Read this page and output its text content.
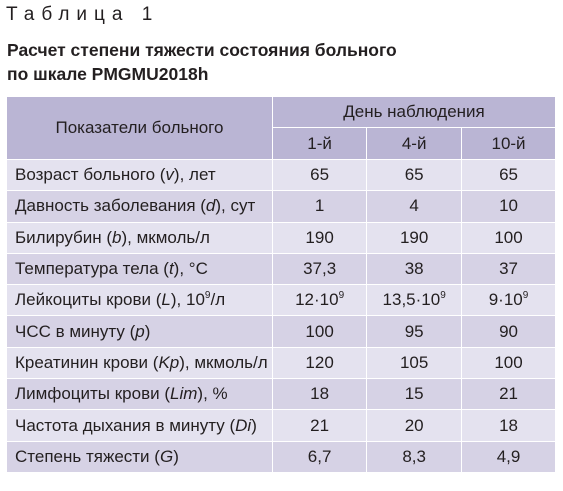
Таблица 1
Расчет степени тяжести состояния больного
по шкале PMGMU2018h
Показатели больного	День наблюдения		
	1-й	4-й	10-й
Возраст больного (v), лет	65	65	65
Давность заболевания (d), сут	1	4	10
Билирубин (b), мкмоль/л	190	190	100
Температура тела (t), °С	37,3	38	37
Лейкоциты крови (L), $10^9/л$	$12\cdot 10^9$	$13,5\cdot 10^9$	$9\cdot 10^9$
ЧСС в минуту (p)	100	95	90
Креатинин крови (Kp), мкмоль/л	120	105	100
Лимфоциты крови (Lim), %	18	15	21
Частота дыхания в минуту (Di)	21	20	18
Степень тяжести (G)	6,7	8,3	4,9
